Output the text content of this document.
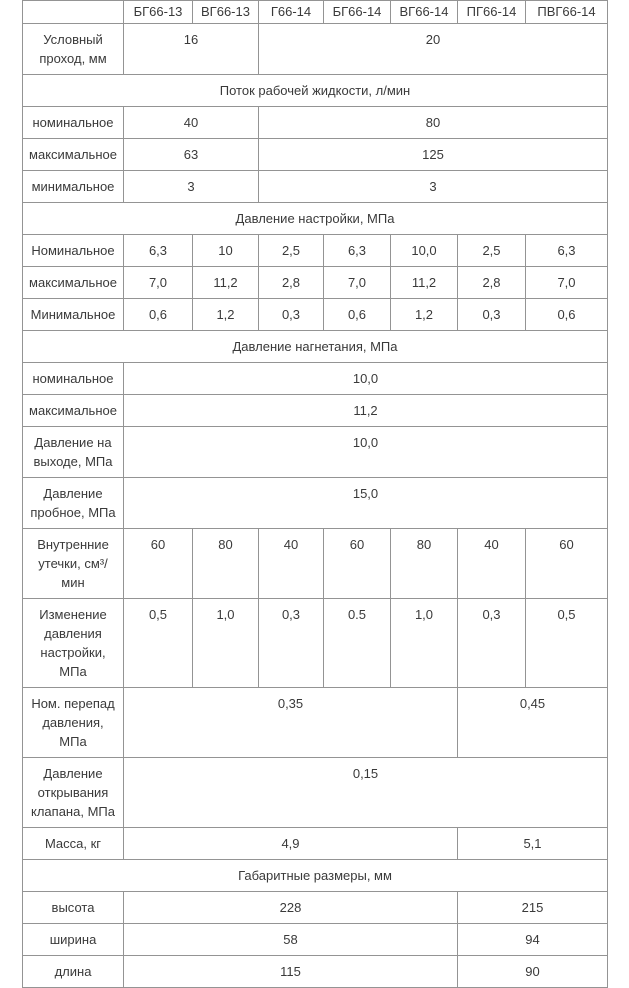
	БГ66-13	ВГ66-13	Г66-14	БГ66-14	ВГ66-14	ПГ66-14	ПВГ66-14
Условный проход, мм	16		20				
Поток рабочей жидкости, л/мин							
номинальное	40		80				
максимальное	63		125				
минимальное	3		3				
Давление настройки, МПа							
Номинальное	6,3	10	2,5	6,3	10,0	2,5	6,3
максимальное	7,0	11,2	2,8	7,0	11,2	2,8	7,0
Минимальное	0,6	1,2	0,3	0,6	1,2	0,3	0,6
Давление нагнетания, МПа							
номинальное	10,0						
максимальное	11,2						
Давление на выходе, МПа	10,0						
Давление пробное, МПа	15,0						
Внутренние утечки, см³/мин	60	80	40	60	80	40	60
Изменение давления настройки, МПа	0,5	1,0	0,3	0.5	1,0	0,3	0,5
Ном. перепад давления, МПа	0,35					0,45	
Давление открывания клапана, МПа	0,15						
Масса, кг	4,9					5,1	
Габаритные размеры, мм							
высота	228					215	
ширина	58					94	
длина	115					90	
